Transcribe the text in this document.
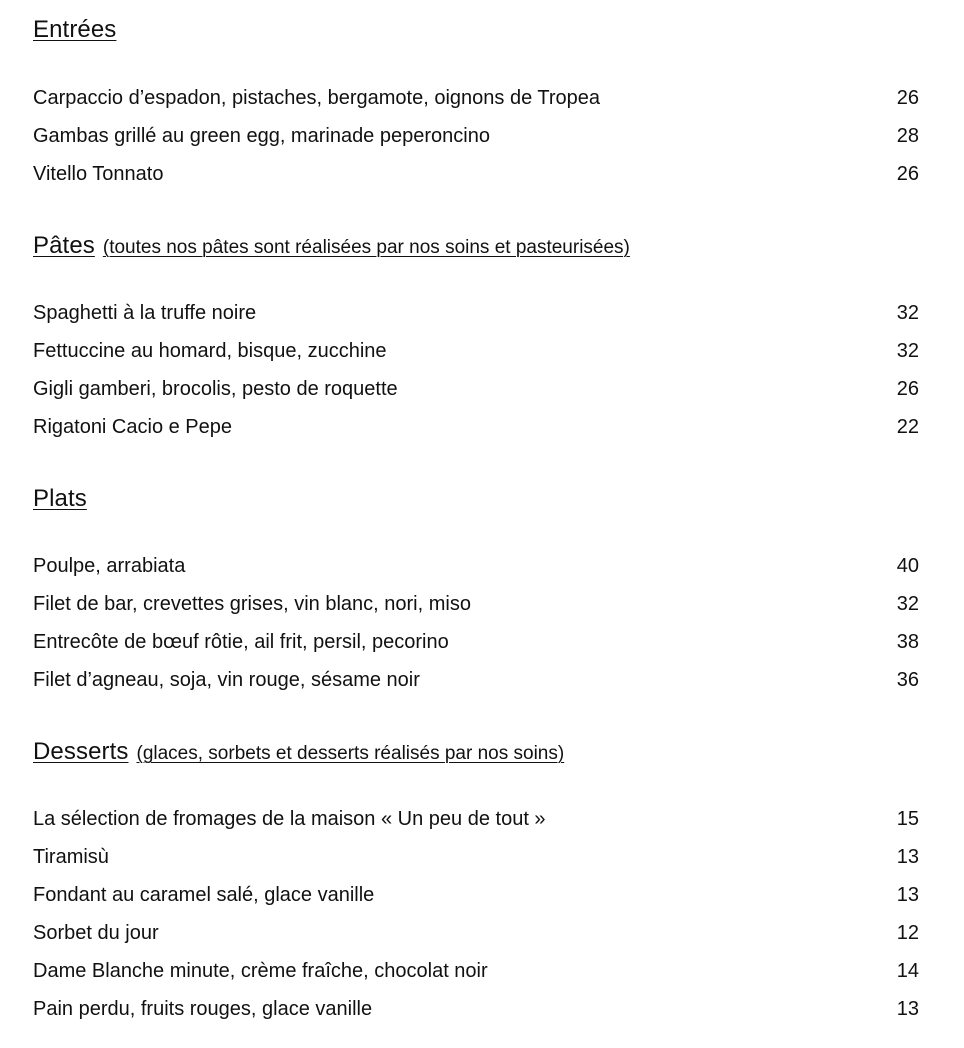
Entrées
Carpaccio d’espadon, pistaches, bergamote, oignons de Tropea	26
Gambas grillé au green egg, marinade peperoncino	28
Vitello Tonnato	26
Pâtes (toutes nos pâtes sont réalisées par nos soins et pasteurisées)
Spaghetti à la truffe noire	32
Fettuccine au homard, bisque, zucchine	32
Gigli gamberi, brocolis, pesto de roquette	26
Rigatoni Cacio e Pepe	22
Plats
Poulpe, arrabiata	40
Filet de bar, crevettes grises, vin blanc, nori, miso	32
Entrecôte de bœuf rôtie, ail frit, persil, pecorino	38
Filet d’agneau, soja, vin rouge, sésame noir	36
Desserts (glaces, sorbets et desserts réalisés par nos soins)
La sélection de fromages de la maison « Un peu de tout »	15
Tiramisù	13
Fondant au caramel salé, glace vanille	13
Sorbet du jour	12
Dame Blanche minute, crème fraîche, chocolat noir	14
Pain perdu, fruits rouges, glace vanille	13
